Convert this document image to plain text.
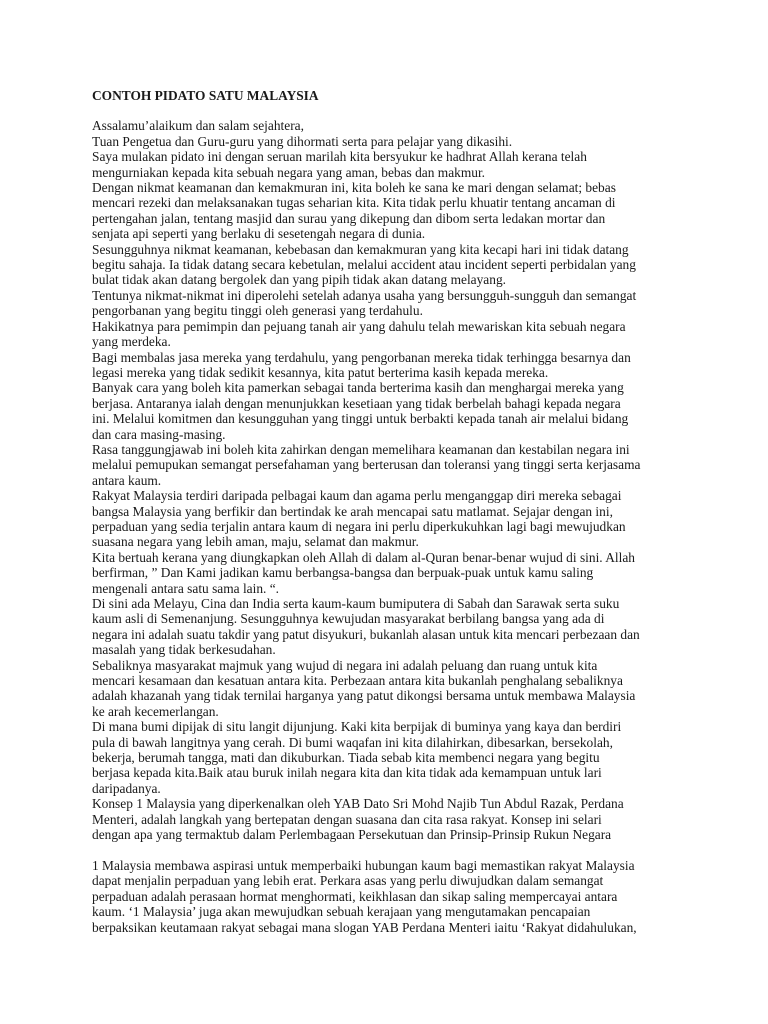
CONTOH PIDATO SATU MALAYSIA

Assalamu’alaikum dan salam sejahtera,

Tuan Pengetua dan Guru-guru yang dihormati serta para pelajar yang dikasihi.

Saya mulakan pidato ini dengan seruan marilah kita bersyukur ke hadhrat Allah kerana telah

mengurniakan kepada kita sebuah negara yang aman, bebas dan makmur.

Dengan nikmat keamanan dan kemakmuran ini, kita boleh ke sana ke mari dengan selamat; bebas

mencari rezeki dan melaksanakan tugas seharian kita. Kita tidak perlu khuatir tentang ancaman di

pertengahan jalan, tentang masjid dan surau yang dikepung dan dibom serta ledakan mortar dan

senjata api seperti yang berlaku di sesetengah negara di dunia.

Sesungguhnya nikmat keamanan, kebebasan dan kemakmuran yang kita kecapi hari ini tidak datang

begitu sahaja. Ia tidak datang secara kebetulan, melalui accident atau incident seperti perbidalan yang

bulat tidak akan datang bergolek dan yang pipih tidak akan datang melayang.

Tentunya nikmat-nikmat ini diperolehi setelah adanya usaha yang bersungguh-sungguh dan semangat

pengorbanan yang begitu tinggi oleh generasi yang terdahulu.

Hakikatnya para pemimpin dan pejuang tanah air yang dahulu telah mewariskan kita sebuah negara

yang merdeka.

Bagi membalas jasa mereka yang terdahulu, yang pengorbanan mereka tidak terhingga besarnya dan

legasi mereka yang tidak sedikit kesannya, kita patut berterima kasih kepada mereka.

Banyak cara yang boleh kita pamerkan sebagai tanda berterima kasih dan menghargai mereka yang

berjasa. Antaranya ialah dengan menunjukkan kesetiaan yang tidak berbelah bahagi kepada negara

ini. Melalui komitmen dan kesungguhan yang tinggi untuk berbakti kepada tanah air melalui bidang

dan cara masing-masing.

Rasa tanggungjawab ini boleh kita zahirkan dengan memelihara keamanan dan kestabilan negara ini

melalui pemupukan semangat persefahaman yang berterusan dan toleransi yang tinggi serta kerjasama

antara kaum.

Rakyat Malaysia terdiri daripada pelbagai kaum dan agama perlu menganggap diri mereka sebagai

bangsa Malaysia yang berfikir dan bertindak ke arah mencapai satu matlamat. Sejajar dengan ini,

perpaduan yang sedia terjalin antara kaum di negara ini perlu diperkukuhkan lagi bagi mewujudkan

suasana negara yang lebih aman, maju, selamat dan makmur.

Kita bertuah kerana yang diungkapkan oleh Allah di dalam al-Quran benar-benar wujud di sini. Allah

berfirman, ” Dan Kami jadikan kamu berbangsa-bangsa dan berpuak-puak untuk kamu saling

mengenali antara satu sama lain. “.

Di sini ada Melayu, Cina dan India serta kaum-kaum bumiputera di Sabah dan Sarawak serta suku

kaum asli di Semenanjung. Sesungguhnya kewujudan masyarakat berbilang bangsa yang ada di

negara ini adalah suatu takdir yang patut disyukuri, bukanlah alasan untuk kita mencari perbezaan dan

masalah yang tidak berkesudahan.

Sebaliknya masyarakat majmuk yang wujud di negara ini adalah peluang dan ruang untuk kita

mencari kesamaan dan kesatuan antara kita. Perbezaan antara kita bukanlah penghalang sebaliknya

adalah khazanah yang tidak ternilai harganya yang patut dikongsi bersama untuk membawa Malaysia

ke arah kecemerlangan.

Di mana bumi dipijak di situ langit dijunjung. Kaki kita berpijak di buminya yang kaya dan berdiri

pula di bawah langitnya yang cerah. Di bumi waqafan ini kita dilahirkan, dibesarkan, bersekolah,

bekerja, berumah tangga, mati dan dikuburkan. Tiada sebab kita membenci negara yang begitu

berjasa kepada kita.Baik atau buruk inilah negara kita dan kita tidak ada kemampuan untuk lari

daripadanya.

Konsep 1 Malaysia yang diperkenalkan oleh YAB Dato Sri Mohd Najib Tun Abdul Razak, Perdana

Menteri, adalah langkah yang bertepatan dengan suasana dan cita rasa rakyat. Konsep ini selari

dengan apa yang termaktub dalam Perlembagaan Persekutuan dan Prinsip-Prinsip Rukun Negara

1 Malaysia membawa aspirasi untuk memperbaiki hubungan kaum bagi memastikan rakyat Malaysia

dapat menjalin perpaduan yang lebih erat. Perkara asas yang perlu diwujudkan dalam semangat

perpaduan adalah perasaan hormat menghormati, keikhlasan dan sikap saling mempercayai antara

kaum. ‘1 Malaysia’ juga akan mewujudkan sebuah kerajaan yang mengutamakan pencapaian

berpaksikan keutamaan rakyat sebagai mana slogan YAB Perdana Menteri iaitu ‘Rakyat didahulukan,
